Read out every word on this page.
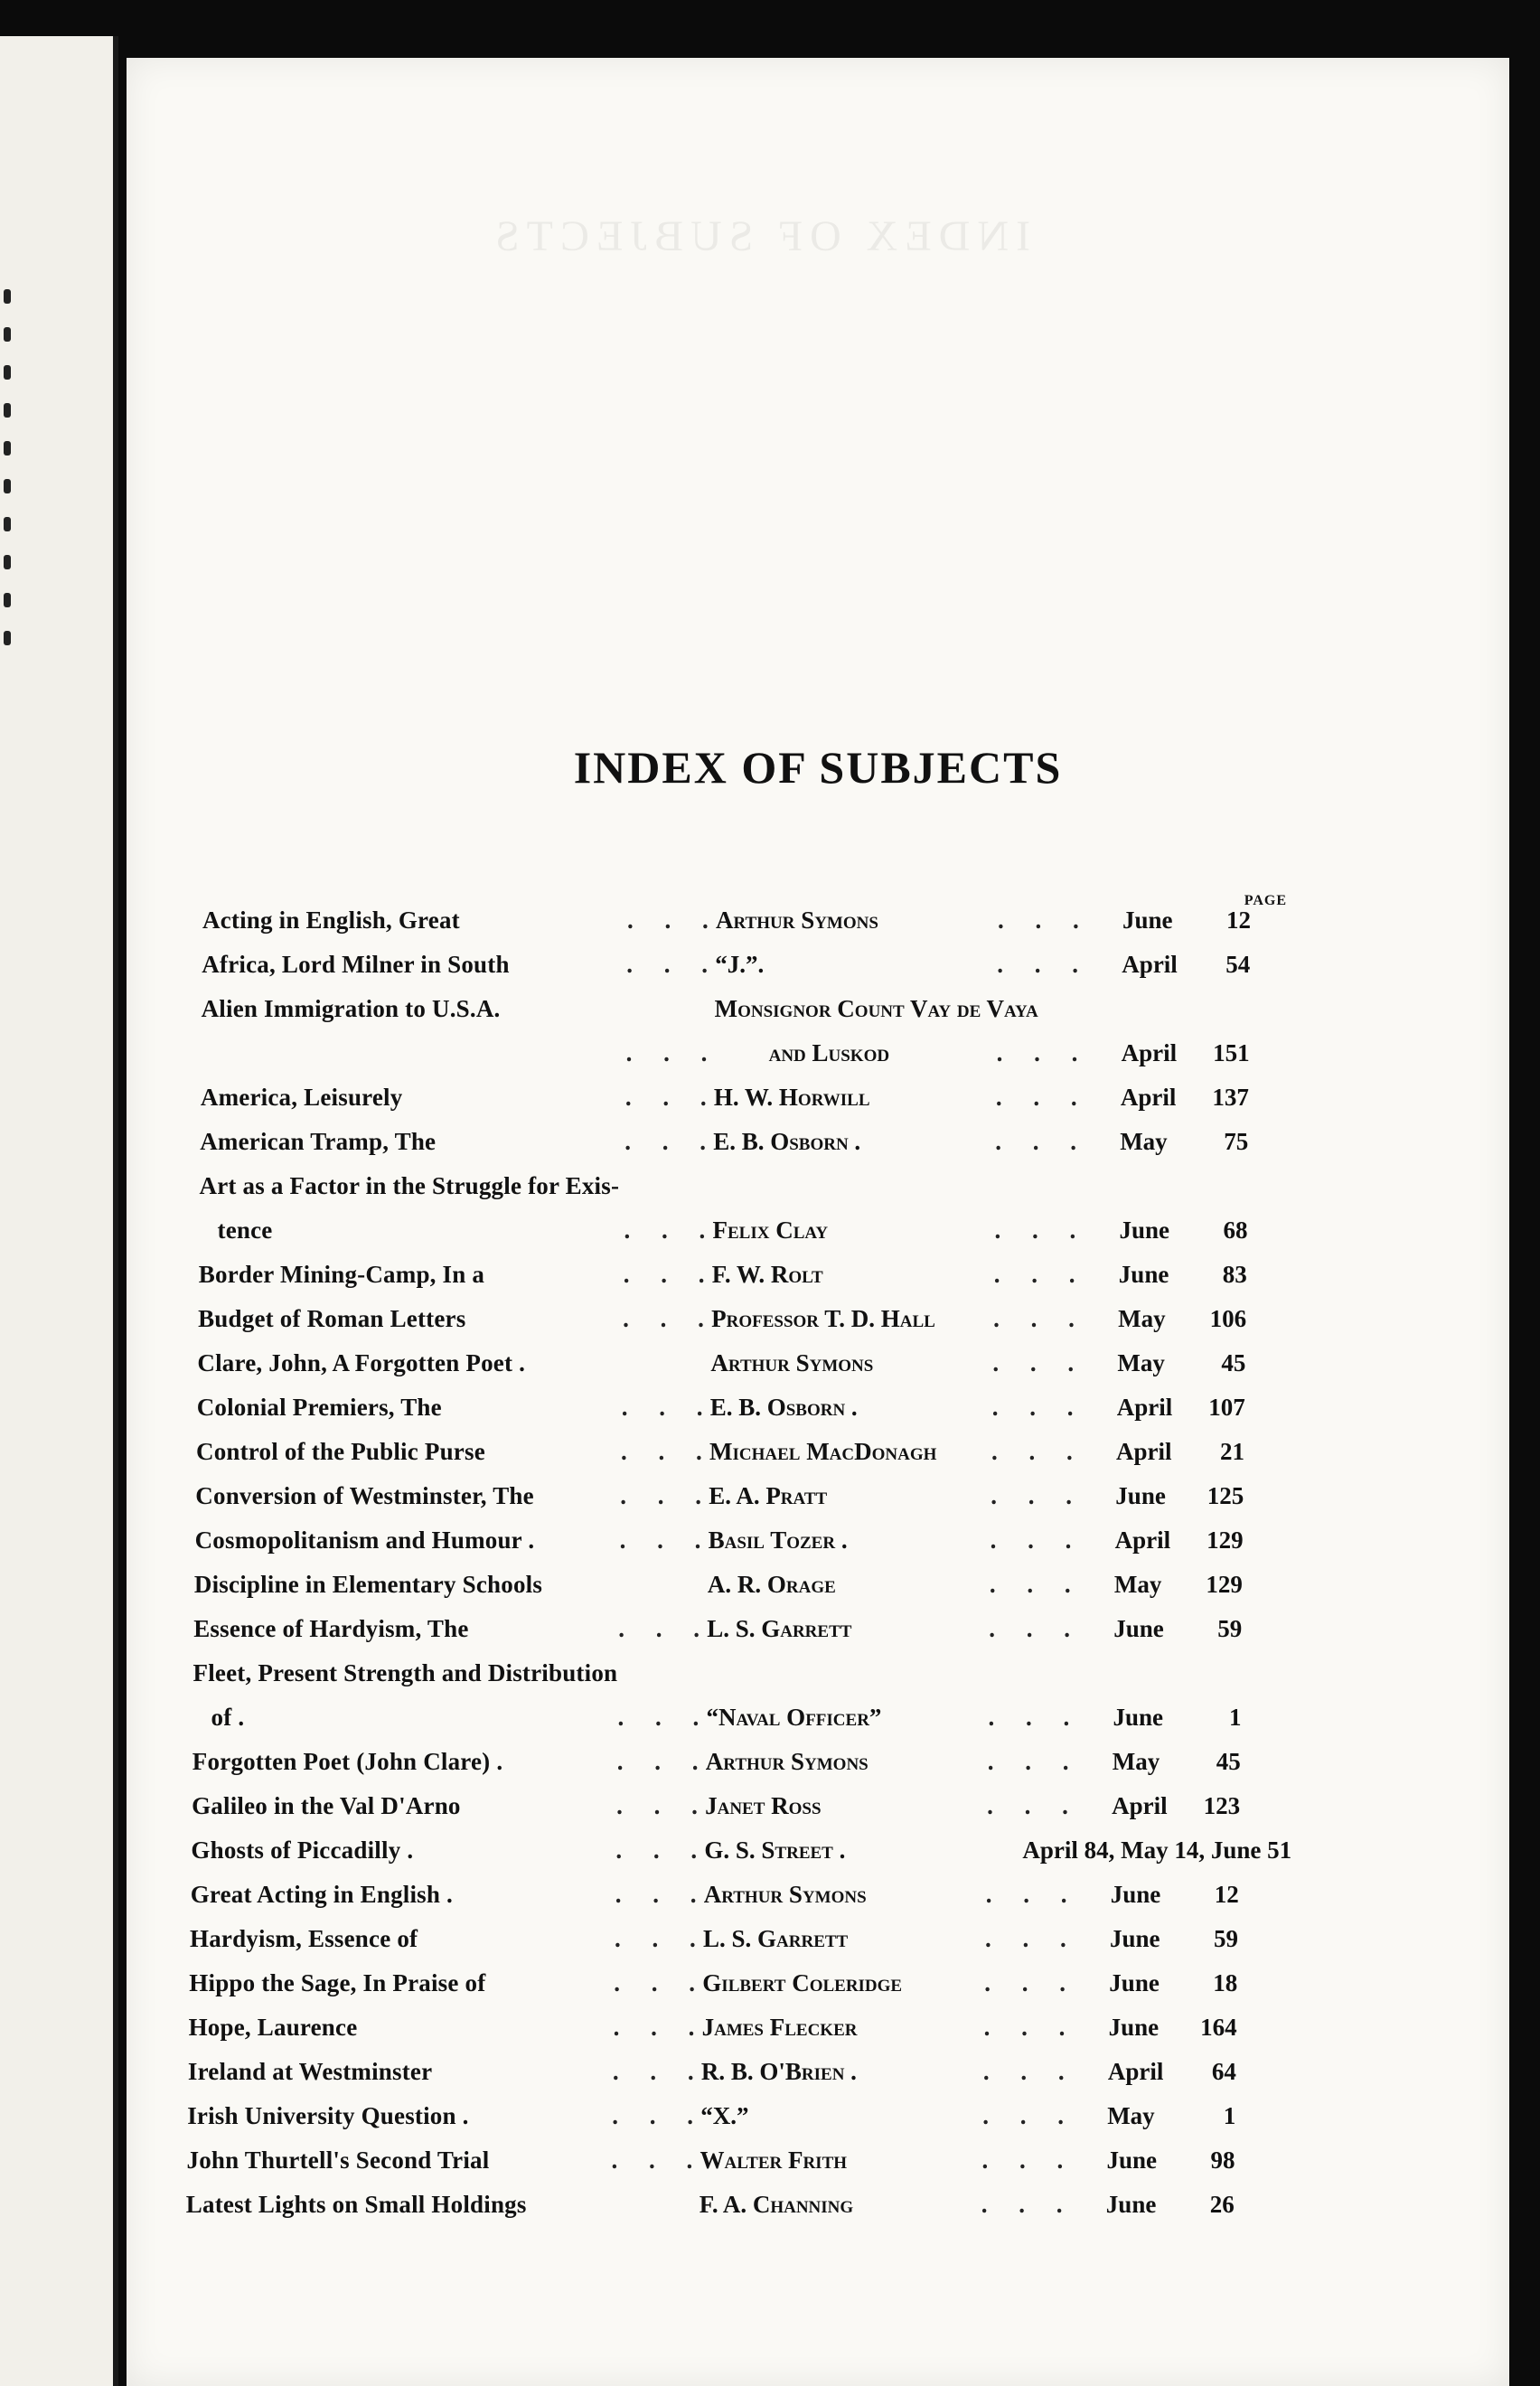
INDEX OF SUBJECTS
INDEX OF SUBJECTS
PAGE
Acting in English, Great	Arthur Symons	June	12
. . .	. . .
Africa, Lord Milner in South	“J.”.	April	54
. . .	. . .
Alien Immigration to U.S.A.	Monsignor Count Vay de Vaya
and Luskod	April	151
. . .	. . .
America, Leisurely	H. W. Horwill	April	137
. . .	. . .
American Tramp, The	E. B. Osborn .	May	75
. . .	. . .
Art as a Factor in the Struggle for Exis-
tence	Felix Clay	June	68
. . .	. . .
Border Mining-Camp, In a	F. W. Rolt	June	83
. . .	. . .
Budget of Roman Letters	Professor T. D. Hall	May	106
. . .	. . .
Clare, John, A Forgotten Poet .	Arthur Symons	May	45
. . .
Colonial Premiers, The	E. B. Osborn .	April	107
. . .	. . .
Control of the Public Purse	Michael MacDonagh	April	21
. . .	. . .
Conversion of Westminster, The	E. A. Pratt	June	125
. . .	. . .
Cosmopolitanism and Humour .	Basil Tozer .	April	129
. . .	. . .
Discipline in Elementary Schools	A. R. Orage	May	129
. . .
Essence of Hardyism, The	L. S. Garrett	June	59
. . .	. . .
Fleet, Present Strength and Distribution
of .	“Naval Officer”	June	1
. . .	. . .
Forgotten Poet (John Clare) .	Arthur Symons	May	45
. . .	. . .
Galileo in the Val D'Arno	Janet Ross	April	123
. . .	. . .
Ghosts of Piccadilly .	G. S. Street .	April 84, May 14, June 51
. . .
Great Acting in English .	Arthur Symons	June	12
. . .	. . .
Hardyism, Essence of	L. S. Garrett	June	59
. . .	. . .
Hippo the Sage, In Praise of	Gilbert Coleridge	June	18
. . .	. . .
Hope, Laurence	James Flecker	June	164
. . .	. . .
Ireland at Westminster	R. B. O'Brien .	April	64
. . .	. . .
Irish University Question .	“X.”	May	1
. . .	. . .
John Thurtell's Second Trial	Walter Frith	June	98
. . .	. . .
Latest Lights on Small Holdings	F. A. Channing	June	26
. . .
